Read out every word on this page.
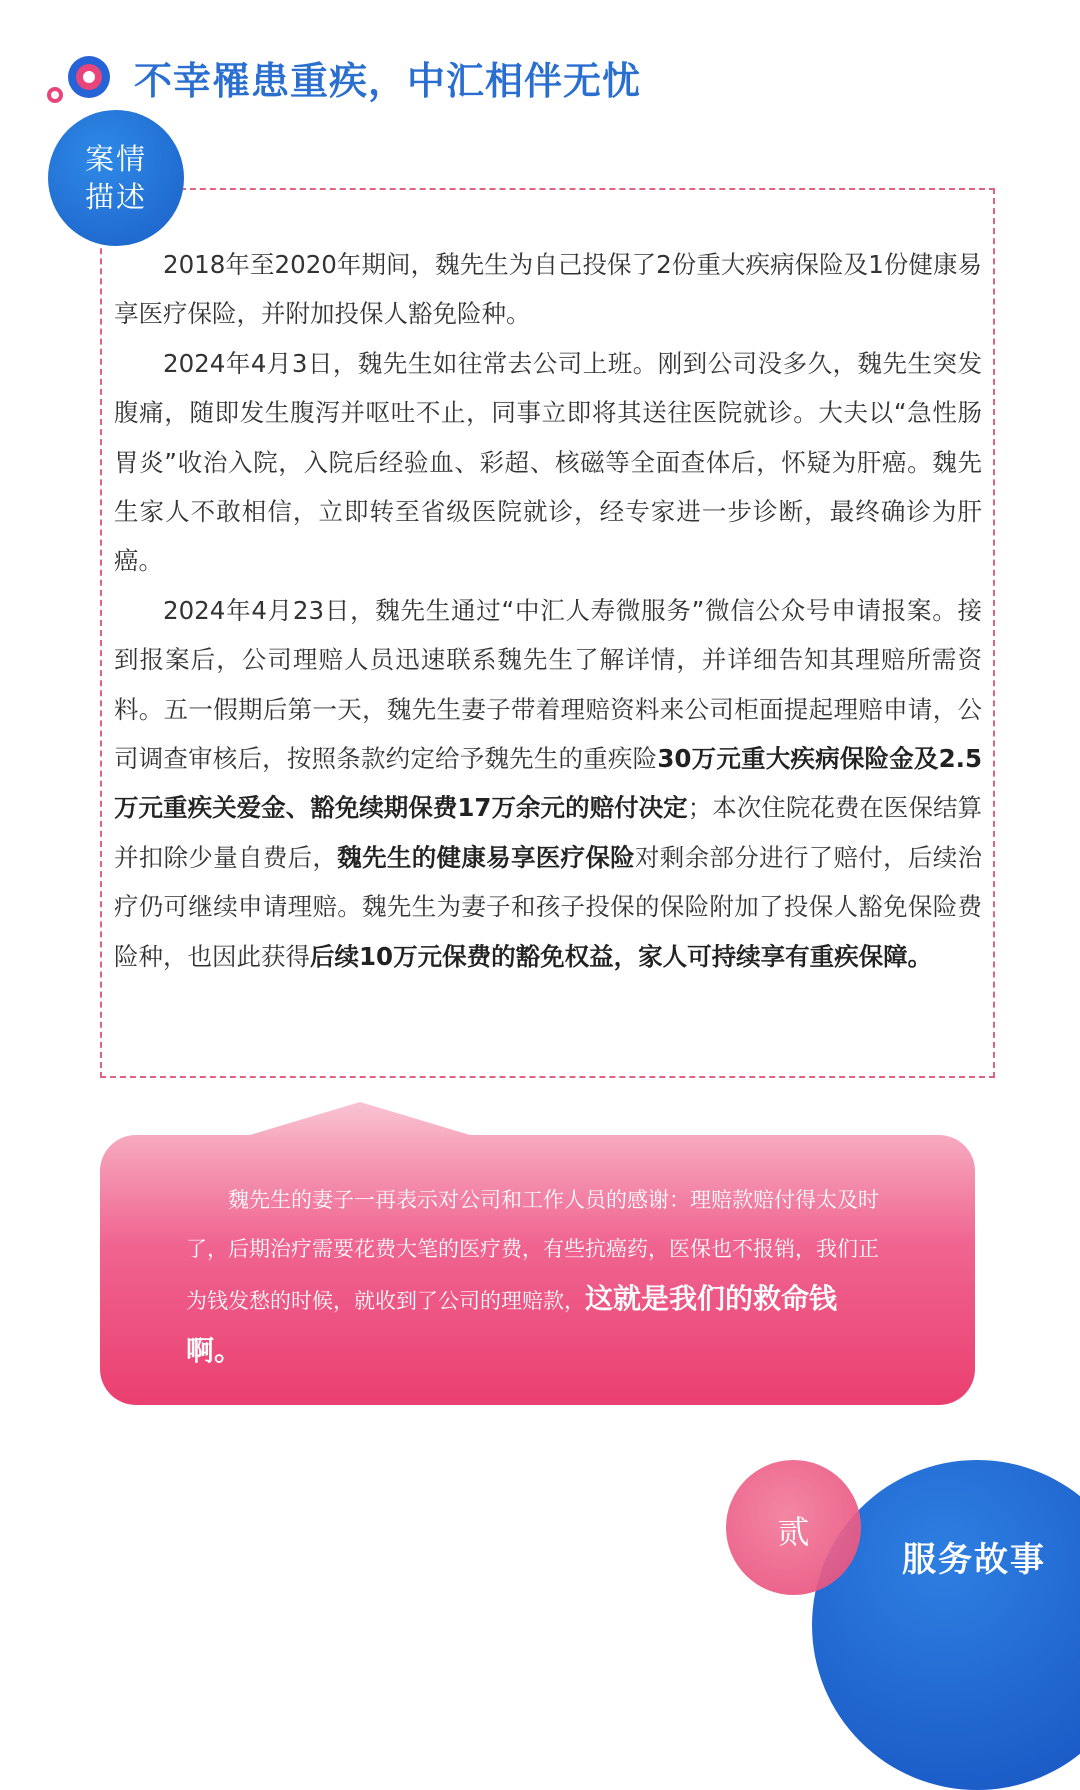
不幸罹患重疾，中汇相伴无忧
案情
描述

2018年至2020年期间，魏先生为自己投保了2份重大疾病保险及1份健康易享医疗保险，并附加投保人豁免险种。

2024年4月3日，魏先生如往常去公司上班。刚到公司没多久，魏先生突发腹痛，随即发生腹泻并呕吐不止，同事立即将其送往医院就诊。大夫以“急性肠胃炎”收治入院，入院后经验血、彩超、核磁等全面查体后，怀疑为肝癌。魏先生家人不敢相信，立即转至省级医院就诊，经专家进一步诊断，最终确诊为肝癌。

2024年4月23日，魏先生通过“中汇人寿微服务”微信公众号申请报案。接到报案后，公司理赔人员迅速联系魏先生了解详情，并详细告知其理赔所需资料。五一假期后第一天，魏先生妻子带着理赔资料来公司柜面提起理赔申请，公司调查审核后，按照条款约定给予魏先生的重疾险30万元重大疾病保险金及2.5万元重疾关爱金、豁免续期保费17万余元的赔付决定；本次住院花费在医保结算并扣除少量自费后，魏先生的健康易享医疗保险对剩余部分进行了赔付，后续治疗仍可继续申请理赔。魏先生为妻子和孩子投保的保险附加了投保人豁免保险费险种，也因此获得后续10万元保费的豁免权益，家人可持续享有重疾保障。

魏先生的妻子一再表示对公司和工作人员的感谢：理赔款赔付得太及时了，后期治疗需要花费大笔的医疗费，有些抗癌药，医保也不报销，我们正为钱发愁的时候，就收到了公司的理赔款，这就是我们的救命钱啊。

贰
服务故事
